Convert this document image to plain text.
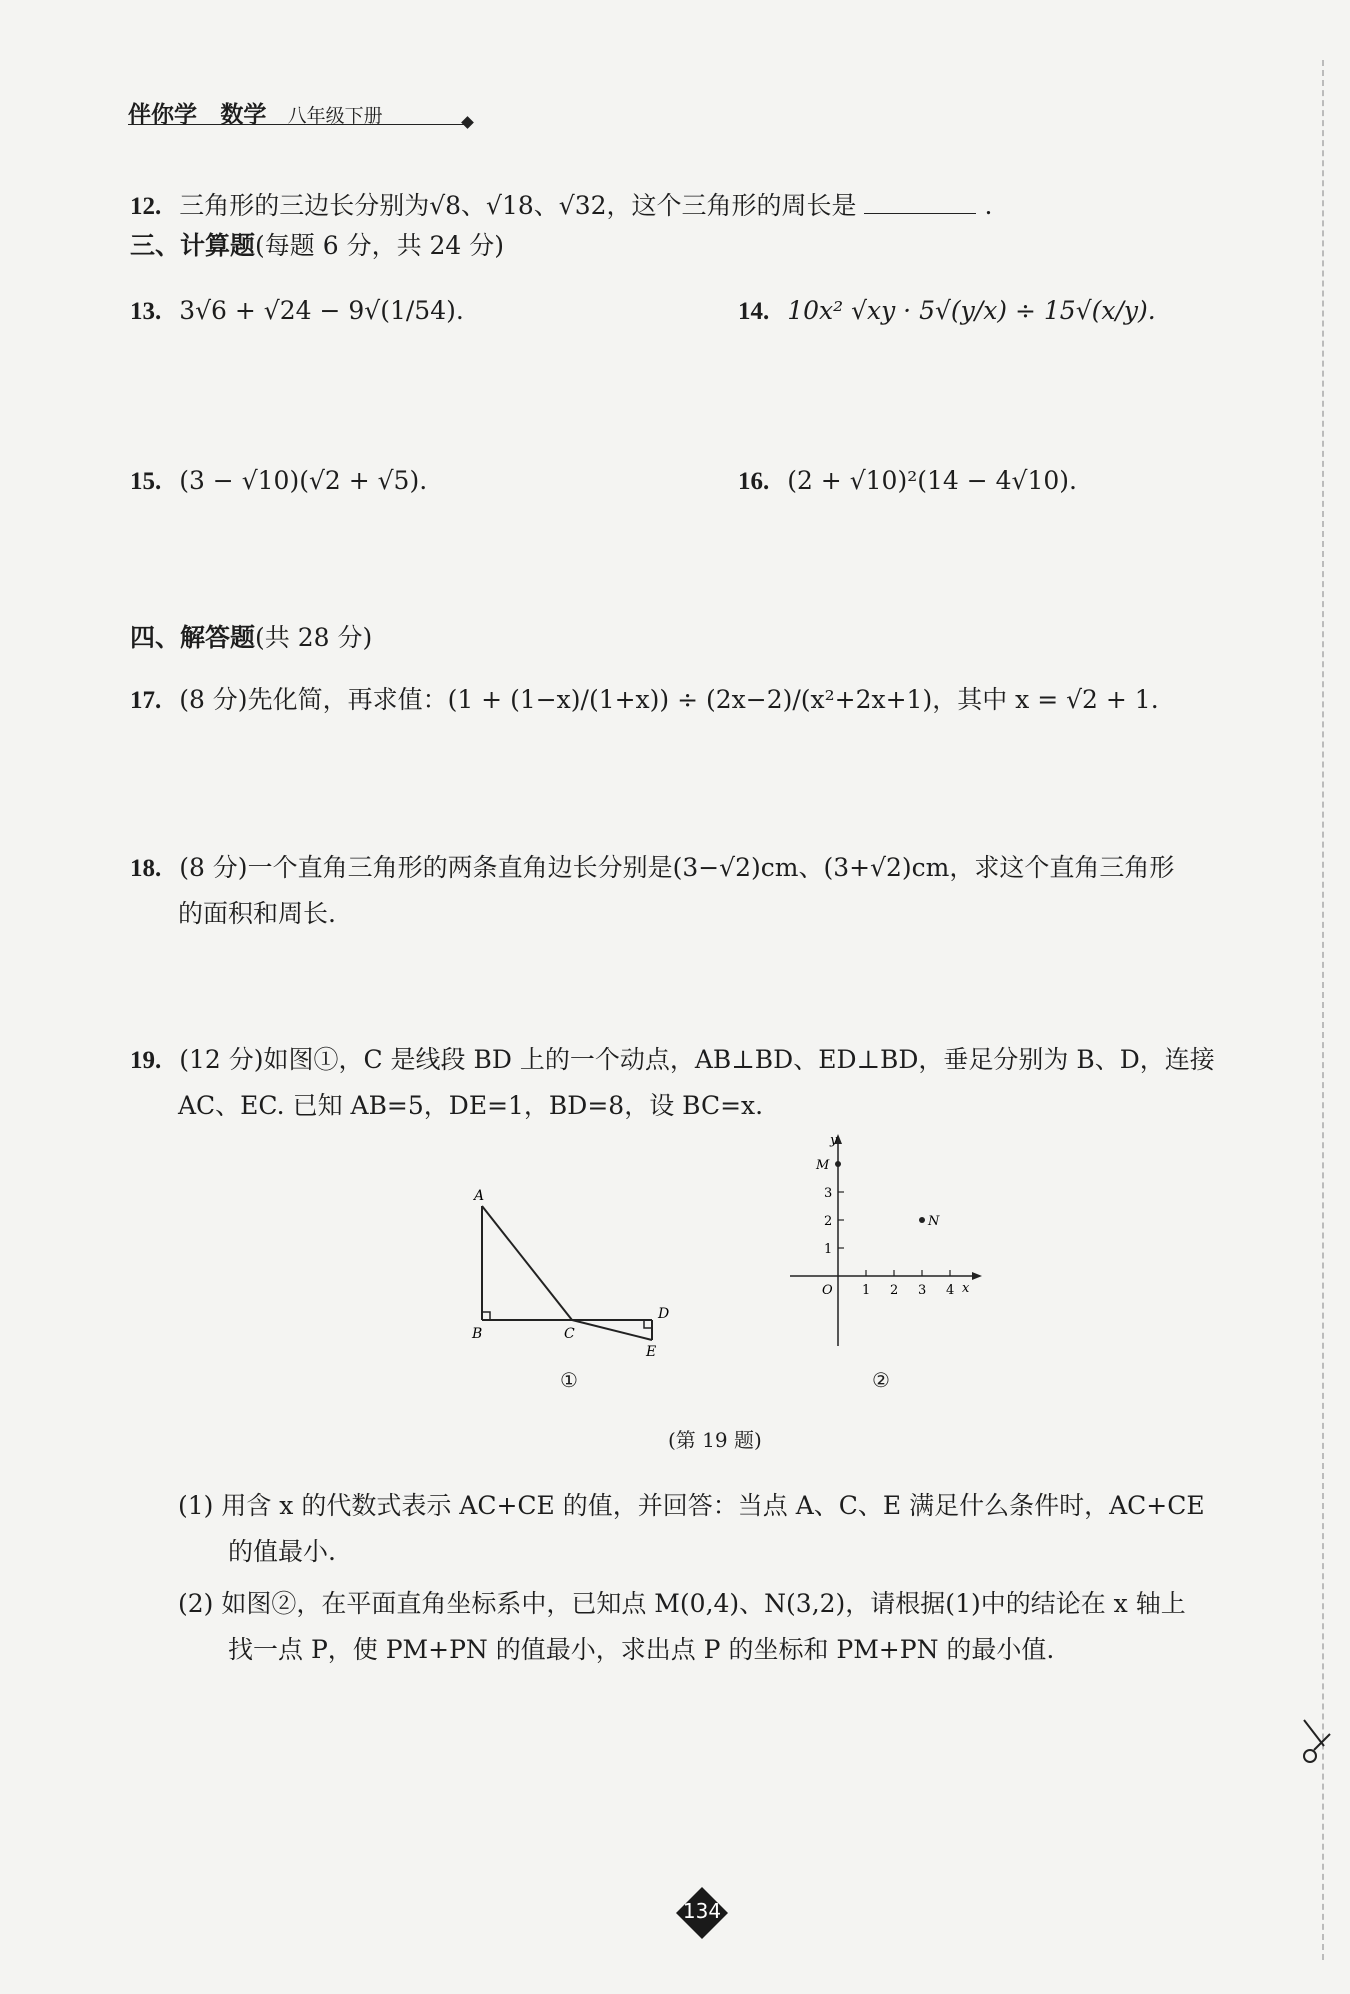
伴你学 数学 八年级下册
12. 三角形的三边长分别为√8、√18、√32，这个三角形的周长是	.
三、计算题(每题 6 分，共 24 分)
13. 3√6 + √24 − 9√(1/54).	14. 10x² √xy · 5√(y/x) ÷ 15√(x/y).
15. (3 − √10)(√2 + √5).	16. (2 + √10)²(14 − 4√10).
四、解答题(共 28 分)
17. (8 分)先化简，再求值：(1 + (1−x)/(1+x)) ÷ (2x−2)/(x²+2x+1)，其中 x = √2 + 1.
18. (8 分)一个直角三角形的两条直角边长分别是(3−√2)cm、(3+√2)cm，求这个直角三角形
的面积和周长.
19. (12 分)如图①，C 是线段 BD 上的一个动点，AB⊥BD、ED⊥BD，垂足分别为 B、D，连接
AC、EC. 已知 AB=5，DE=1，BD=8，设 BC=x.
A
B	C
D
E
y
x
O 1 2 3 4
1
2
3
M
N
①	②
(第 19 题)
(1) 用含 x 的代数式表示 AC+CE 的值，并回答：当点 A、C、E 满足什么条件时，AC+CE
的值最小.
(2) 如图②，在平面直角坐标系中，已知点 M(0,4)、N(3,2)，请根据(1)中的结论在 x 轴上
找一点 P，使 PM+PN 的值最小，求出点 P 的坐标和 PM+PN 的最小值.
134
